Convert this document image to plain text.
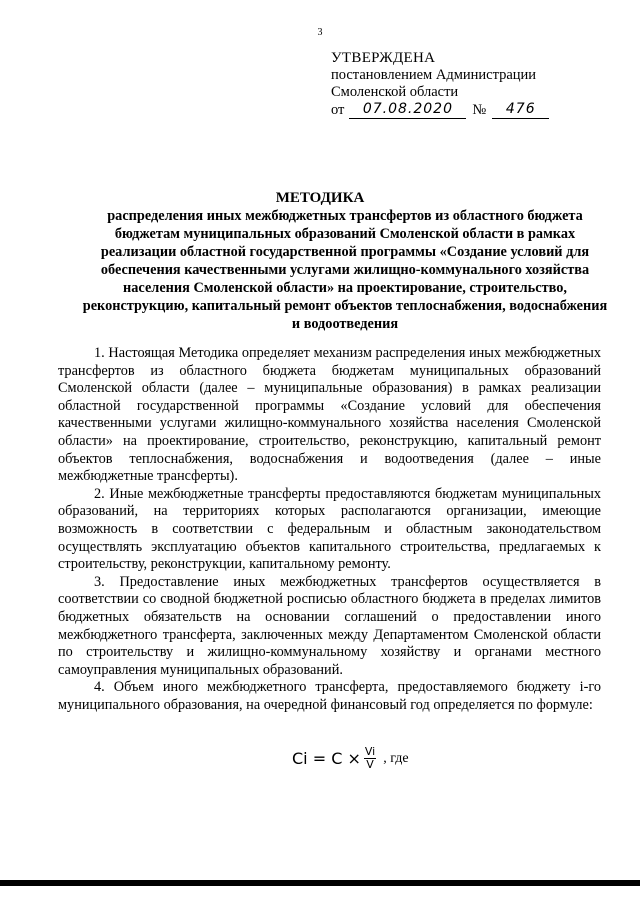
3
УТВЕРЖДЕНА
постановлением Администрации
Смоленской области
от	07.08.2020	№	476
МЕТОДИКА
распределения иных межбюджетных трансфертов из областного бюджета бюджетам муниципальных образований Смоленской области в рамках реализации областной государственной программы «Создание условий для обеспечения качественными услугами жилищно-коммунального хозяйства населения Смоленской области» на проектирование, строительство, реконструкцию, капитальный ремонт объектов теплоснабжения, водоснабжения и водоотведения

1. Настоящая Методика определяет механизм распределения иных межбюджетных трансфертов из областного бюджета бюджетам муниципальных образований Смоленской области (далее – муниципальные образования) в рамках реализации областной государственной программы «Создание условий для обеспечения качественными услугами жилищно-коммунального хозяйства населения Смоленской области» на проектирование, строительство, реконструкцию, капитальный ремонт объектов теплоснабжения, водоснабжения и водоотведения (далее – иные межбюджетные трансферты).

2. Иные межбюджетные трансферты предоставляются бюджетам муниципальных образований, на территориях которых располагаются организации, имеющие возможность в соответствии с федеральным и областным законодательством осуществлять эксплуатацию объектов капитального строительства, предлагаемых к строительству, реконструкции, капитальному ремонту.

3. Предоставление иных межбюджетных трансфертов осуществляется в соответствии со сводной бюджетной росписью областного бюджета в пределах лимитов бюджетных обязательств на основании соглашений о предоставлении иного межбюджетного трансферта, заключенных между Департаментом Смоленской области по строительству и жилищно-коммунальному хозяйству и органами местного самоуправления муниципальных образований.

4. Объем иного межбюджетного трансферта, предоставляемого бюджету i-го муниципального образования, на очередной финансовый год определяется по формуле:

$Ci = C \times \frac{Vi}{V}$ , где
